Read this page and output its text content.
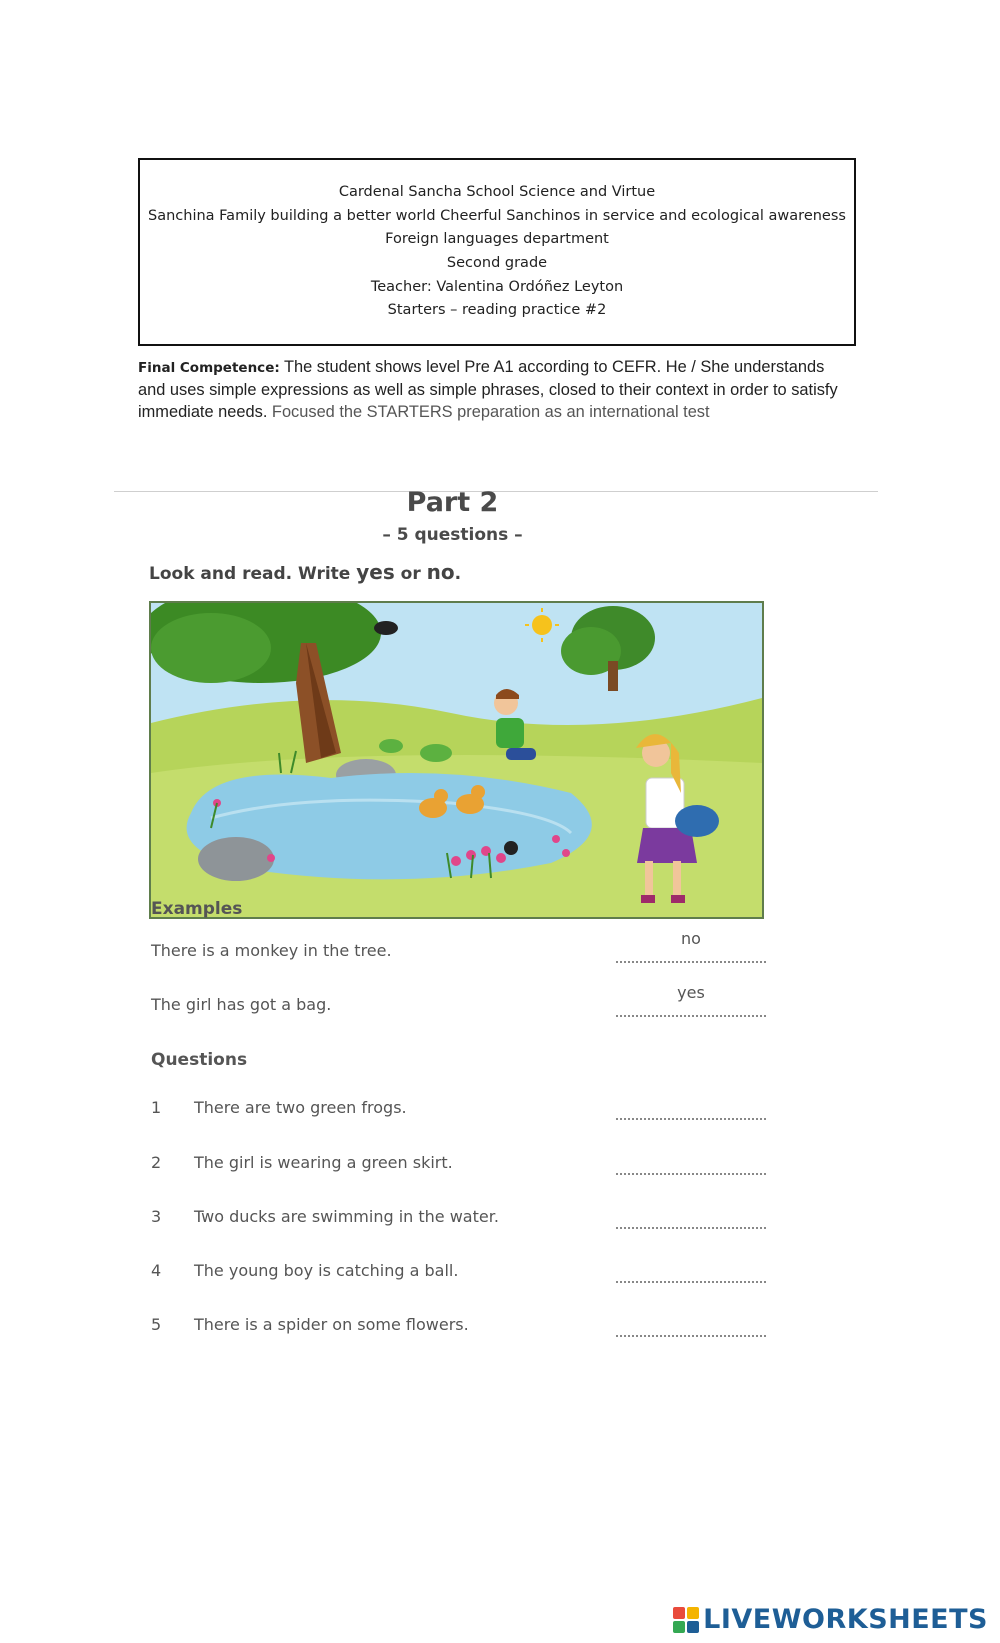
Cardenal Sancha School Science and Virtue
Sanchina Family building a better world Cheerful Sanchinos in service and ecological awareness
Foreign languages department
Second grade
Teacher: Valentina Ordóñez Leyton
Starters – reading practice #2
Final Competence: The student shows level Pre A1 according to CEFR. He / She understands and uses simple expressions as well as simple phrases, closed to their context in order to satisfy immediate needs. Focused the STARTERS preparation as an international test
Part 2
– 5 questions –
Look and read. Write yes or no.
Examples
There is a monkey in the tree.
no
The girl has got a bag.
yes
Questions
1 There are two green frogs.
2 The girl is wearing a green skirt.
3 Two ducks are swimming in the water.
4 The young boy is catching a ball.
5 There is a spider on some flowers.
LIVEWORKSHEETS
